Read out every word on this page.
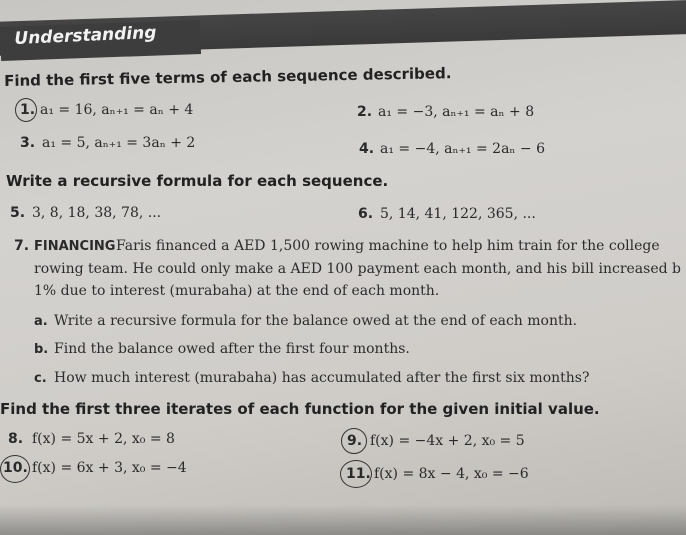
Understanding
Find the first five terms of each sequence described.
1. a₁ = 16, aₙ₊₁ = aₙ + 4	2. a₁ = −3, aₙ₊₁ = aₙ + 8
3. a₁ = 5, aₙ₊₁ = 3aₙ + 2	4. a₁ = −4, aₙ₊₁ = 2aₙ − 6
Write a recursive formula for each sequence.
5. 3, 8, 18, 38, 78, ...	6. 5, 14, 41, 122, 365, ...
7. FINANCING Faris financed a AED 1,500 rowing machine to help him train for the college
rowing team. He could only make a AED 100 payment each month, and his bill increased b
1% due to interest (murabaha) at the end of each month.
a. Write a recursive formula for the balance owed at the end of each month.
b. Find the balance owed after the first four months.
c. How much interest (murabaha) has accumulated after the first six months?
Find the first three iterates of each function for the given initial value.
8. f(x) = 5x + 2, x₀ = 8	9. f(x) = −4x + 2, x₀ = 5
10. f(x) = 6x + 3, x₀ = −4	11. f(x) = 8x − 4, x₀ = −6
